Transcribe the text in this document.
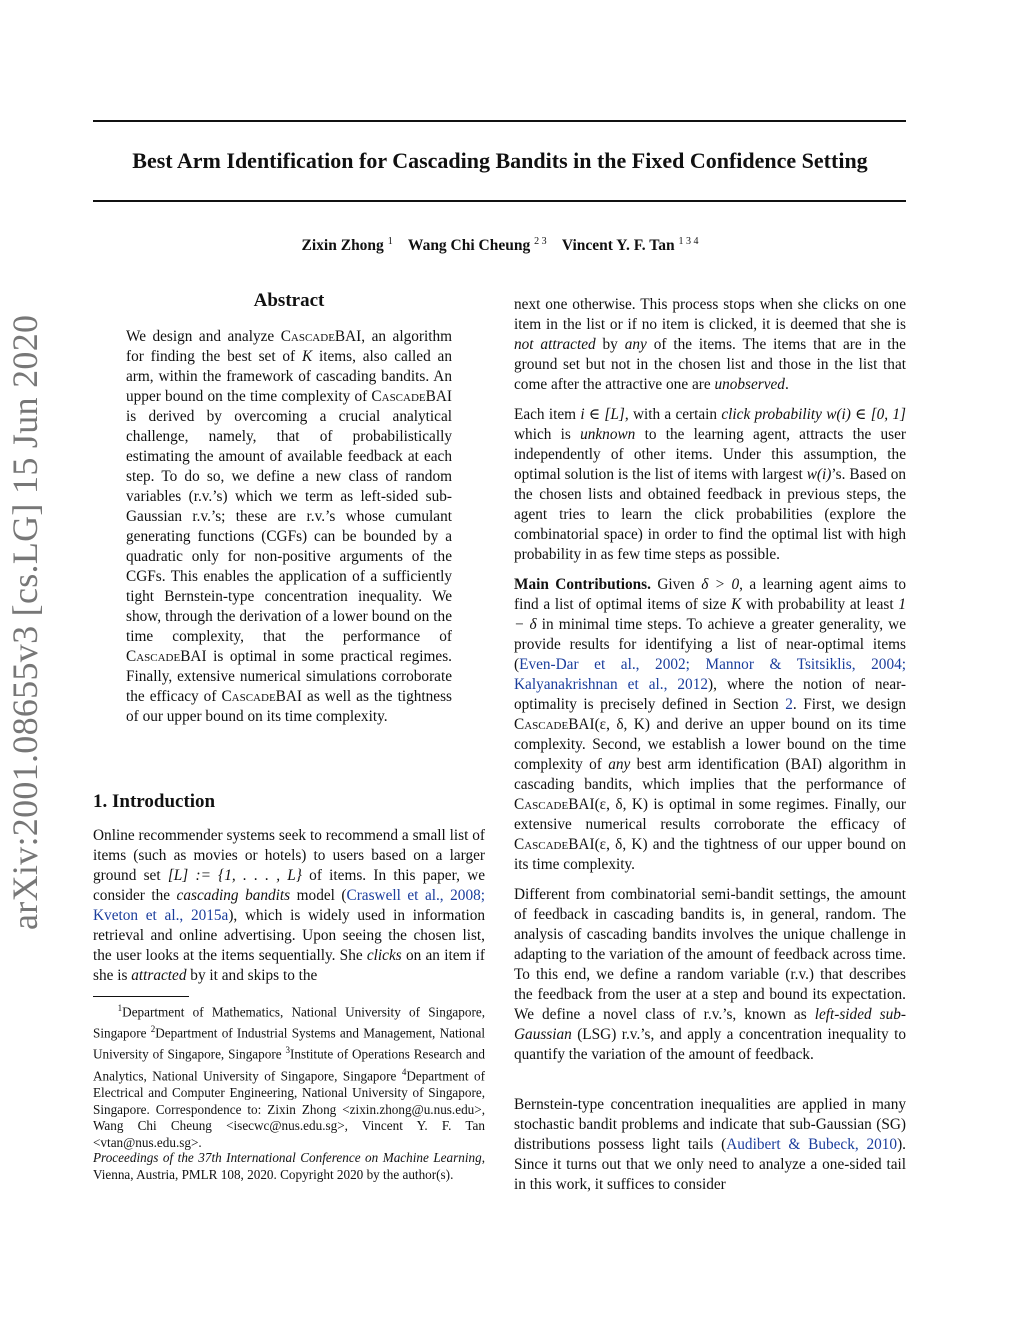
arXiv:2001.08655v3 [cs.LG] 15 Jun 2020
Best Arm Identification for Cascading Bandits in the Fixed Confidence Setting
Zixin Zhong $^1$ Wang Chi Cheung $^{2 3}$ Vincent Y. F. Tan $^{1 3 4}$
Abstract

We design and analyze CascadeBAI, an algorithm for finding the best set of K items, also called an arm, within the framework of cascading bandits. An upper bound on the time complexity of CascadeBAI is derived by overcoming a crucial analytical challenge, namely, that of probabilistically estimating the amount of available feedback at each step. To do so, we define a new class of random variables (r.v.’s) which we term as left-sided sub-Gaussian r.v.’s; these are r.v.’s whose cumulant generating functions (CGFs) can be bounded by a quadratic only for non-positive arguments of the CGFs. This enables the application of a sufficiently tight Bernstein-type concentration inequality. We show, through the derivation of a lower bound on the time complexity, that the performance of CascadeBAI is optimal in some practical regimes. Finally, extensive numerical simulations corroborate the efficacy of CascadeBAI as well as the tightness of our upper bound on its time complexity.

1. Introduction

Online recommender systems seek to recommend a small list of items (such as movies or hotels) to users based on a larger ground set [L] := {1, . . . , L} of items. In this paper, we consider the cascading bandits model (Craswell et al., 2008; Kveton et al., 2015a), which is widely used in information retrieval and online advertising. Upon seeing the chosen list, the user looks at the items sequentially. She clicks on an item if she is attracted by it and skips to the

$^1$Department of Mathematics, National University of Singapore, Singapore $^2$Department of Industrial Systems and Management, National University of Singapore, Singapore $^3$Institute of Operations Research and Analytics, National University of Singapore, Singapore $^4$Department of Electrical and Computer Engineering, National University of Singapore, Singapore. Correspondence to: Zixin Zhong <zixin.zhong@u.nus.edu>, Wang Chi Cheung <isecwc@nus.edu.sg>, Vincent Y. F. Tan <vtan@nus.edu.sg>.

Proceedings of the 37th International Conference on Machine Learning, Vienna, Austria, PMLR 108, 2020. Copyright 2020 by the author(s).

next one otherwise. This process stops when she clicks on one item in the list or if no item is clicked, it is deemed that she is not attracted by any of the items. The items that are in the ground set but not in the chosen list and those in the list that come after the attractive one are unobserved.

Each item i ∈ [L], with a certain click probability w(i) ∈ [0, 1] which is unknown to the learning agent, attracts the user independently of other items. Under this assumption, the optimal solution is the list of items with largest w(i)’s. Based on the chosen lists and obtained feedback in previous steps, the agent tries to learn the click probabilities (explore the combinatorial space) in order to find the optimal list with high probability in as few time steps as possible.

Main Contributions. Given δ > 0, a learning agent aims to find a list of optimal items of size K with probability at least 1 − δ in minimal time steps. To achieve a greater generality, we provide results for identifying a list of near-optimal items (Even-Dar et al., 2002; Mannor & Tsitsiklis, 2004; Kalyanakrishnan et al., 2012), where the notion of near-optimality is precisely defined in Section 2. First, we design CascadeBAI(ε, δ, K) and derive an upper bound on its time complexity. Second, we establish a lower bound on the time complexity of any best arm identification (BAI) algorithm in cascading bandits, which implies that the performance of CascadeBAI(ε, δ, K) is optimal in some regimes. Finally, our extensive numerical results corroborate the efficacy of CascadeBAI(ε, δ, K) and the tightness of our upper bound on its time complexity.

Different from combinatorial semi-bandit settings, the amount of feedback in cascading bandits is, in general, random. The analysis of cascading bandits involves the unique challenge in adapting to the variation of the amount of feedback across time. To this end, we define a random variable (r.v.) that describes the feedback from the user at a step and bound its expectation. We define a novel class of r.v.’s, known as left-sided sub-Gaussian (LSG) r.v.’s, and apply a concentration inequality to quantify the variation of the amount of feedback.

Bernstein-type concentration inequalities are applied in many stochastic bandit problems and indicate that sub-Gaussian (SG) distributions possess light tails (Audibert & Bubeck, 2010). Since it turns out that we only need to analyze a one-sided tail in this work, it suffices to consider
